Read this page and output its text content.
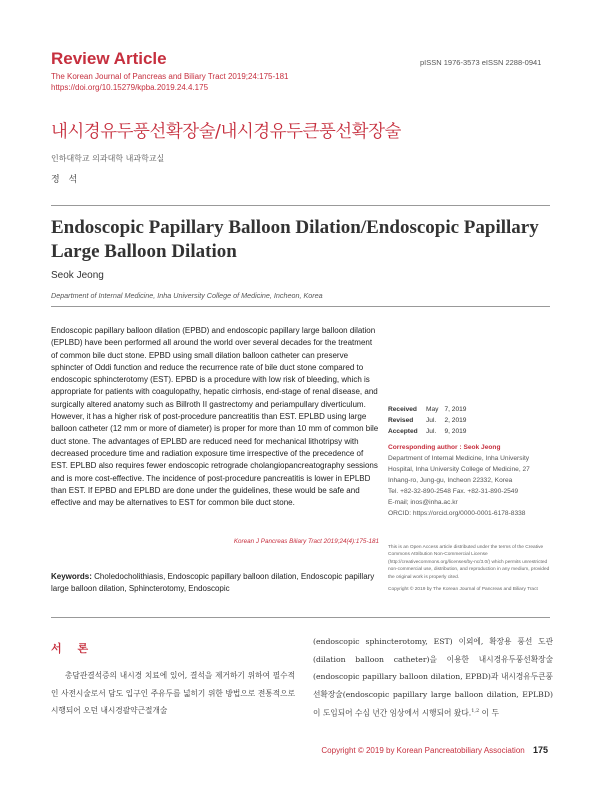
Review Article
The Korean Journal of Pancreas and Biliary Tract 2019;24:175-181
https://doi.org/10.15279/kpba.2019.24.4.175
pISSN 1976-3573 eISSN 2288-0941
내시경유두풍선확장술/내시경유두큰풍선확장술
인하대학교 의과대학 내과학교실
정 석
Endoscopic Papillary Balloon Dilation/Endoscopic Papillary Large Balloon Dilation
Seok Jeong
Department of Internal Medicine, Inha University College of Medicine, Incheon, Korea

Endoscopic papillary balloon dilation (EPBD) and endoscopic papillary large balloon dilation (EPLBD) have been performed all around the world over several decades for the treatment of common bile duct stone. EPBD using small dilation balloon catheter can preserve sphincter of Oddi function and reduce the recurrence rate of bile duct stone compared to endoscopic sphincterotomy (EST). EPBD is a procedure with low risk of bleeding, which is appropriate for patients with coagulopathy, hepatic cirrhosis, end-stage of renal disease, and surgically altered anatomy such as Billroth II gastrectomy and periampullary diverticulum. However, it has a higher risk of post-procedure pancreatitis than EST. EPLBD using large balloon catheter (12 mm or more of diameter) is proper for more than 10 mm of common bile duct stone. The advantages of EPLBD are reduced need for mechanical lithotripsy with decreased procedure time and radiation exposure time irrespective of the precedence of EST. EPLBD also requires fewer endoscopic retrograde cholangiopancreatography sessions and is more cost-effective. The incidence of post-procedure pancreatitis is lower in EPLBD than EST. If EPBD and EPLBD are done under the guidelines, these would be safe and effective and may be alternatives to EST for common bile duct stone.

Korean J Pancreas Biliary Tract 2019;24(4):175-181
Keywords: Choledocholithiasis, Endoscopic papillary balloon dilation, Endoscopic papillary large balloon dilation, Sphincterotomy, Endoscopic
Received	May	7, 2019
Revised	Jul.	2, 2019
Accepted	Jul.	9, 2019
Corresponding author : Seok Jeong
Department of Internal Medicine, Inha University
Hospital, Inha University College of Medicine, 27
Inhang-ro, Jung-gu, Incheon 22332, Korea
Tel. +82-32-890-2548 Fax. +82-31-890-2549
E-mail; inos@inha.ac.kr
ORCID: https://orcid.org/0000-0001-6178-8338
This is an Open Access article distributed under the terms of the Creative Commons Attribution Non-Commercial License (http://creativecommons.org/licenses/by-nc/3.0/) which permits unrestricted non-commercial use, distribution, and reproduction in any medium, provided the original work is properly cited.
Copyright © 2019 by The Korean Journal of Pancreas and Biliary Tract
서 론
총담관결석증의 내시경 치료에 있어, 결석을 제거하기 위하여 필수적인 사전시술로서 담도 입구인 주유두를 넓히기 위한 방법으로 전통적으로 시행되어 오던 내시경괄약근절개술
(endoscopic sphincterotomy, EST) 이외에, 확장용 풍선 도관(dilation balloon catheter)을 이용한 내시경유두풍선확장술(endoscopic papillary balloon dilation, EPBD)과 내시경유두큰풍선확장술(endoscopic papillary large balloon dilation, EPLBD)이 도입되어 수십 년간 임상에서 시행되어 왔다.$^{1,2}$ 이 두
Copyright © 2019 by Korean Pancreatobiliary Association 175
